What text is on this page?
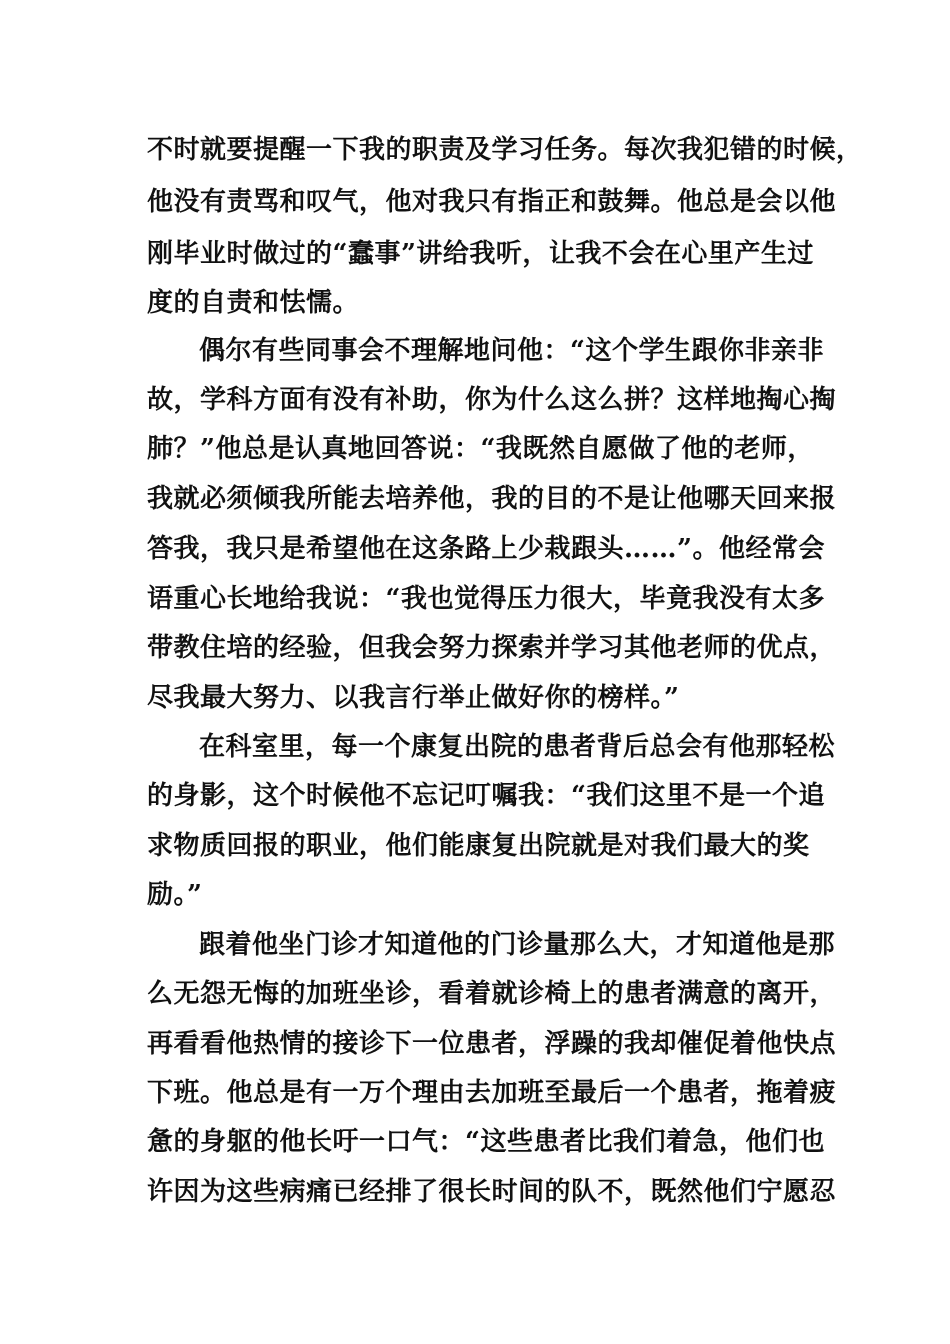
不时就要提醒一下我的职责及学习任务。每次我犯错的时候，
他没有责骂和叹气，他对我只有指正和鼓舞。他总是会以他
刚毕业时做过的“蠢事”讲给我听，让我不会在心里产生过
度的自责和怯懦。
偶尔有些同事会不理解地问他：“这个学生跟你非亲非
故，学科方面有没有补助，你为什么这么拼？这样地掏心掏
肺？”他总是认真地回答说：“我既然自愿做了他的老师，
我就必须倾我所能去培养他，我的目的不是让他哪天回来报
答我，我只是希望他在这条路上少栽跟头……”。他经常会
语重心长地给我说：“我也觉得压力很大，毕竟我没有太多
带教住培的经验，但我会努力探索并学习其他老师的优点，
尽我最大努力、以我言行举止做好你的榜样。”
在科室里，每一个康复出院的患者背后总会有他那轻松
的身影，这个时候他不忘记叮嘱我：“我们这里不是一个追
求物质回报的职业，他们能康复出院就是对我们最大的奖
励。”
跟着他坐门诊才知道他的门诊量那么大，才知道他是那
么无怨无悔的加班坐诊，看着就诊椅上的患者满意的离开，
再看看他热情的接诊下一位患者，浮躁的我却催促着他快点
下班。他总是有一万个理由去加班至最后一个患者，拖着疲
惫的身躯的他长吁一口气：“这些患者比我们着急，他们也
许因为这些病痛已经排了很长时间的队不，既然他们宁愿忍
